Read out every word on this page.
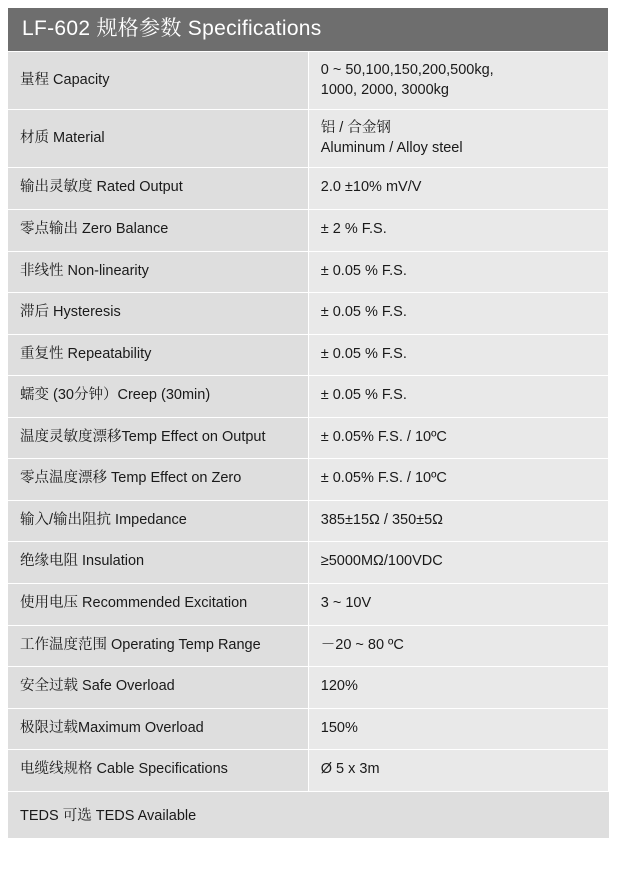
LF-602 规格参数 Specifications	

量程 Capacity	0 ~ 50,100,150,200,500kg,
1000, 2000, 3000kg

材质 Material	铝 / 合金钢
Aluminum / Alloy steel

输出灵敏度 Rated Output	2.0 ±10% mV/V
零点输出 Zero Balance	± 2 % F.S.
非线性 Non-linearity	± 0.05 % F.S.
滞后 Hysteresis	± 0.05 % F.S.
重复性 Repeatability	± 0.05 % F.S.
蠕变 (30分钟）Creep (30min)	± 0.05 % F.S.
温度灵敏度漂移Temp Effect on Output	± 0.05% F.S. / 10ºC
零点温度漂移 Temp Effect on Zero	± 0.05% F.S. / 10ºC
输入/输出阻抗 Impedance	385±15Ω / 350±5Ω
绝缘电阻 Insulation	≥5000MΩ/100VDC
使用电压 Recommended Excitation	3 ~ 10V
工作温度范围 Operating Temp Range	－20 ~ 80 ºC
安全过载 Safe Overload	120%
极限过载Maximum Overload	150%
电缆线规格 Cable Specifications	Ø 5 x 3m
TEDS 可选 TEDS Available	
